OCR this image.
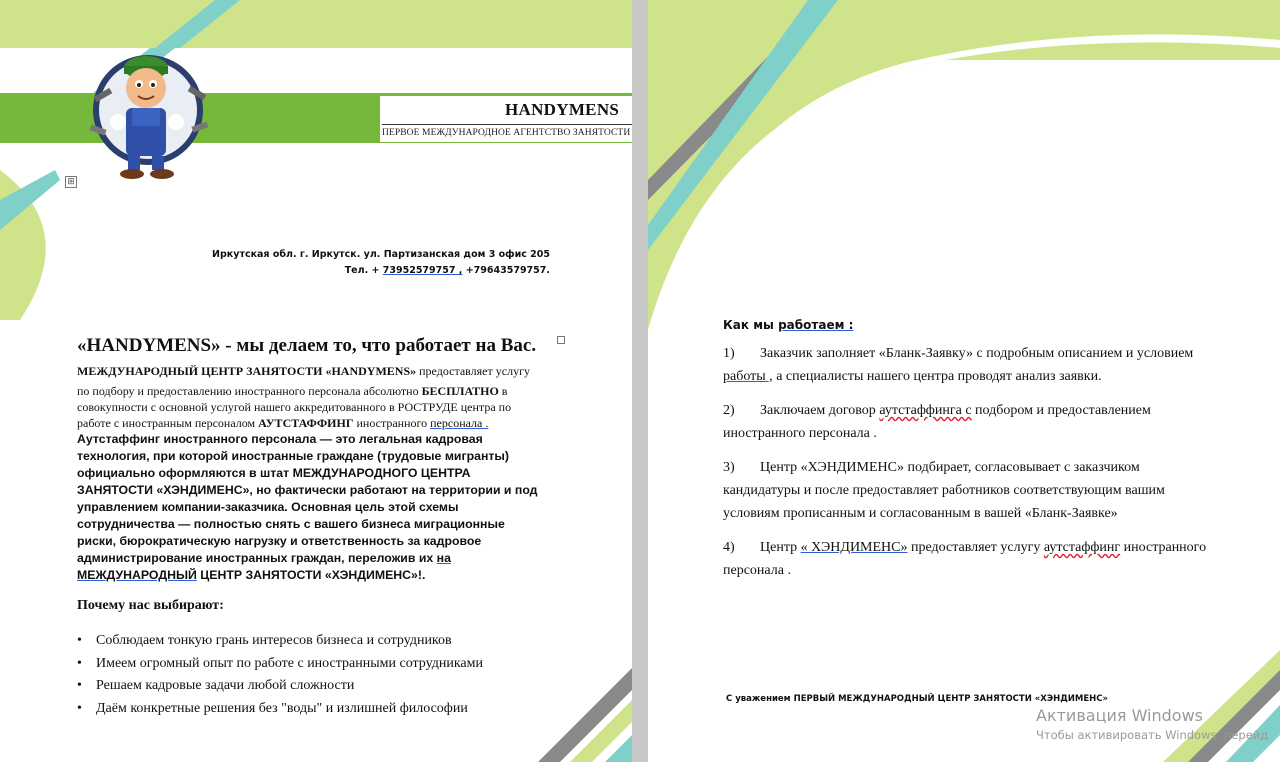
HANDYMENS
ПЕРВОЕ МЕЖДУНАРОДНОЕ АГЕНТСТВО ЗАНЯТОСТИ
⊞
Иркутская обл. г. Иркутск. ул. Партизанская дом 3 офис 205
Тел. + 73952579757 , +79643579757.

«HANDYMENS» - мы делаем то, что работает на Вас.

МЕЖДУНАРОДНЫЙ ЦЕНТР ЗАНЯТОСТИ «HANDYMENS» предоставляет услугу

по подбору и предоставлению иностранного персонала абсолютно БЕСПЛАТНО в совокупности с основной услугой нашего аккредитованного в РОСТРУДЕ центра по работе с иностранным персоналом АУТСТАФФИНГ иностранного персонала .

Аутстаффинг иностранного персонала — это легальная кадровая технология, при которой иностранные граждане (трудовые мигранты) официально оформляются в штат МЕЖДУНАРОДНОГО ЦЕНТРА ЗАНЯТОСТИ «ХЭНДИМЕНС», но фактически работают на территории и под управлением компании-заказчика. Основная цель этой схемы сотрудничества — полностью снять с вашего бизнеса миграционные риски, бюрократическую нагрузку и ответственность за кадровое администрирование иностранных граждан, переложив их на МЕЖДУНАРОДНЫЙ ЦЕНТР ЗАНЯТОСТИ «ХЭНДИМЕНС»!.

Почему нас выбирают:

• Соблюдаем тонкую грань интересов бизнеса и сотрудников
• Имеем огромный опыт по работе с иностранными сотрудниками
• Решаем кадровые задачи любой сложности
• Даём конкретные решения без "воды" и излишней философии

Как мы работаем :

1) Заказчик заполняет «Бланк-Заявку» с подробным описанием и условием работы , а специалисты нашего центра проводят анализ заявки.

2) Заключаем договор аутстаффинга с подбором и предоставлением иностранного персонала .

3) Центр «ХЭНДИМЕНС» подбирает, согласовывает с заказчиком кандидатуры и после предоставляет работников соответствующим вашим условиям прописанным и согласованным в вашей «Бланк-Заявке»

4) Центр « ХЭНДИМЕНС» предоставляет услугу аутстаффинг иностранного персонала .

С уважением ПЕРВЫЙ МЕЖДУНАРОДНЫЙ ЦЕНТР ЗАНЯТОСТИ «ХЭНДИМЕНС»
Активация Windows
Чтобы активировать Windows, перейд
